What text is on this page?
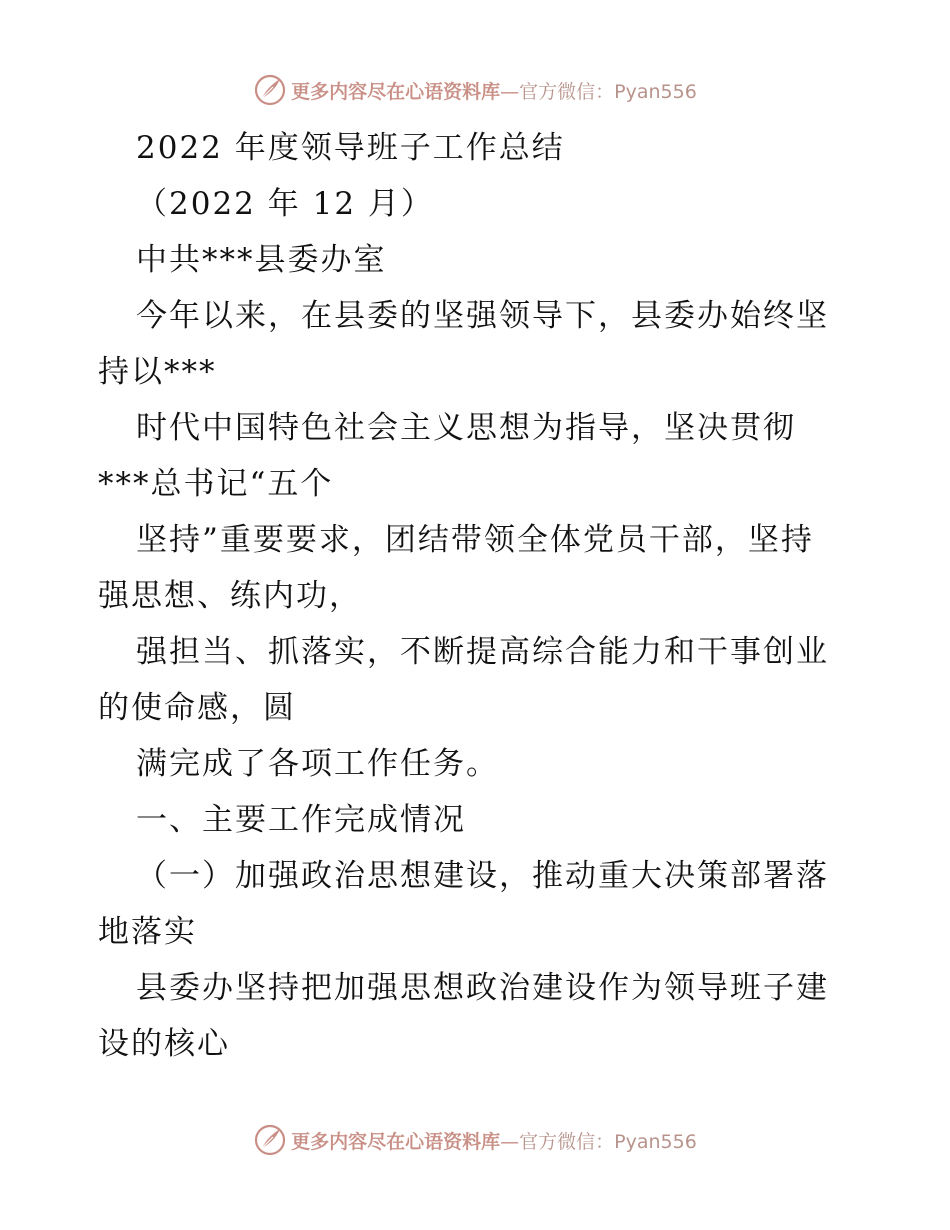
更多内容尽在心语资料库—官方微信：Pyan556
2022 年度领导班子工作总结
（2022 年 12 月）
中共***县委办室
今年以来，在县委的坚强领导下，县委办始终坚
持以***
时代中国特色社会主义思想为指导，坚决贯彻
***总书记“五个
坚持”重要要求，团结带领全体党员干部，坚持
强思想、练内功，
强担当、抓落实，不断提高综合能力和干事创业
的使命感，圆
满完成了各项工作任务。
一、主要工作完成情况
（一）加强政治思想建设，推动重大决策部署落
地落实
县委办坚持把加强思想政治建设作为领导班子建
设的核心
更多内容尽在心语资料库—官方微信：Pyan556
